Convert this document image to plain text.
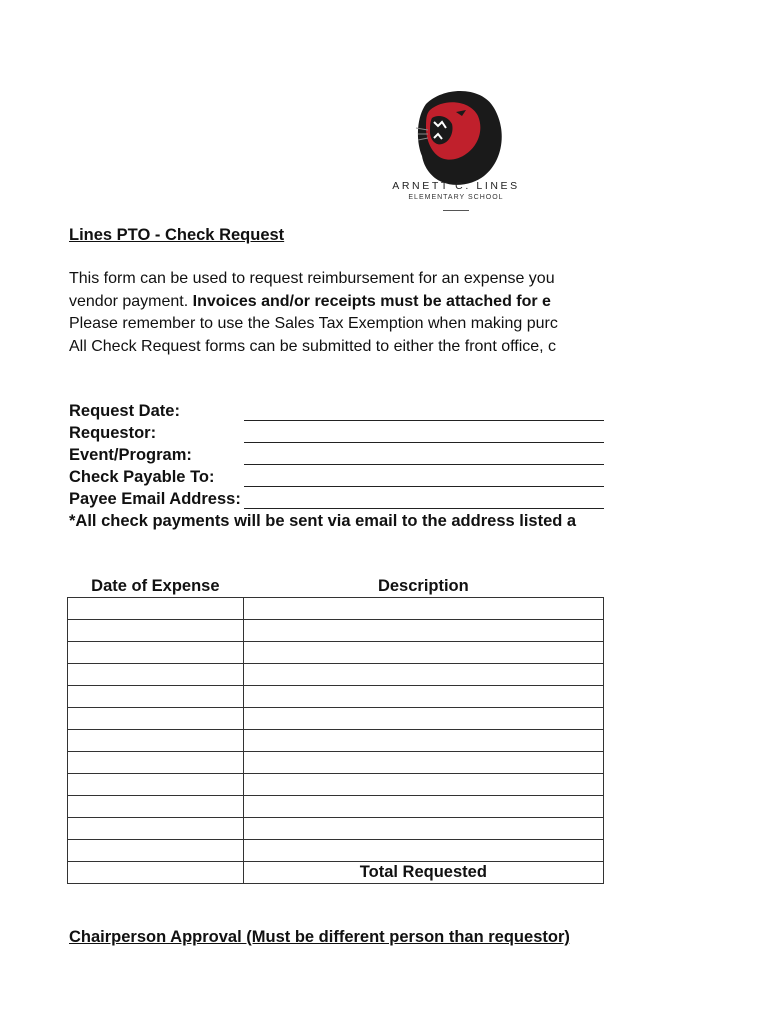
ARNETT C. LINES
ELEMENTARY SCHOOL
Lines PTO - Check Request
This form can be used to request reimbursement for an expense you
vendor payment. Invoices and/or receipts must be attached for e
Please remember to use the Sales Tax Exemption when making purc
All Check Request forms can be submitted to either the front office, c
Request Date:
Requestor:
Event/Program:
Check Payable To:
Payee Email Address:
*All check payments will be sent via email to the address listed a
Date of Expense	Description

	Total Requested
Chairperson Approval (Must be different person than requestor)
